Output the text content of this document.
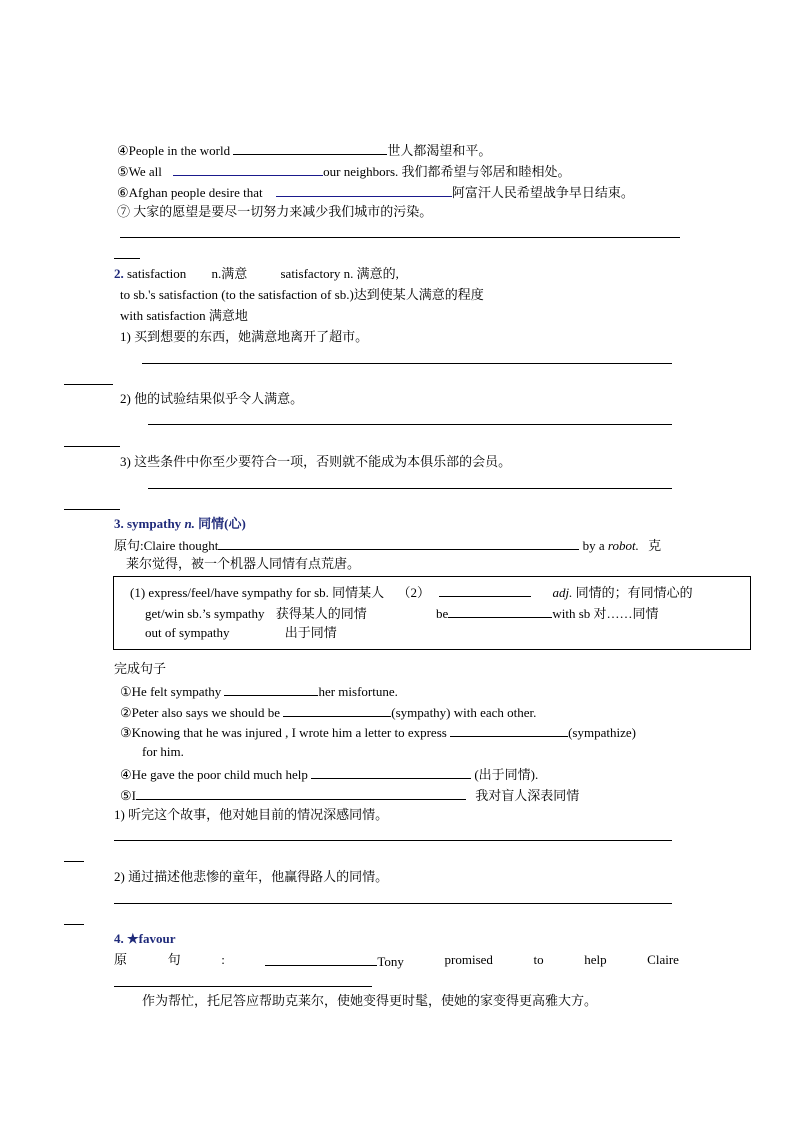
④People in the world	世人都渴望和平。
⑤We all	our neighbors. 我们都希望与邻居和睦相处。
⑥Afghan people desire that	阿富汗人民希望战争早日结束。
⑦ 大家的愿望是要尽一切努力来减少我们城市的污染。
2. satisfaction n.满意	satisfactory n. 满意的,
to sb.'s satisfaction (to the satisfaction of sb.)达到使某人满意的程度
with satisfaction 满意地
1) 买到想要的东西，她满意地离开了超市。
2) 他的试验结果似乎令人满意。
3) 这些条件中你至少要符合一项，否则就不能成为本俱乐部的会员。
3. sympathy n. 同情(心)
原句:Claire thought	by a robot. 克
莱尔觉得，被一个机器人同情有点荒唐。
(1) express/feel/have sympathy for sb. 同情某人 （2）	adj. 同情的；有同情心的
get/win sb.’s sympathy 获得某人的同情	be	with sb 对……同情
out of sympathy	出于同情
完成句子
①He felt sympathy	her misfortune.
②Peter also says we should be	(sympathy) with each other.
③Knowing that he was injured , I wrote him a letter to express	(sympathize)
for him.
④He gave the poor child much help	(出于同情).
⑤I	我对盲人深表同情
1) 听完这个故事，他对她目前的情况深感同情。
2) 通过描述他悲惨的童年，他赢得路人的同情。
4. ★favour
原	句	:	Tony	promised	to	help	Claire
作为帮忙，托尼答应帮助克莱尔，使她变得更时髦，使她的家变得更高雅大方。
